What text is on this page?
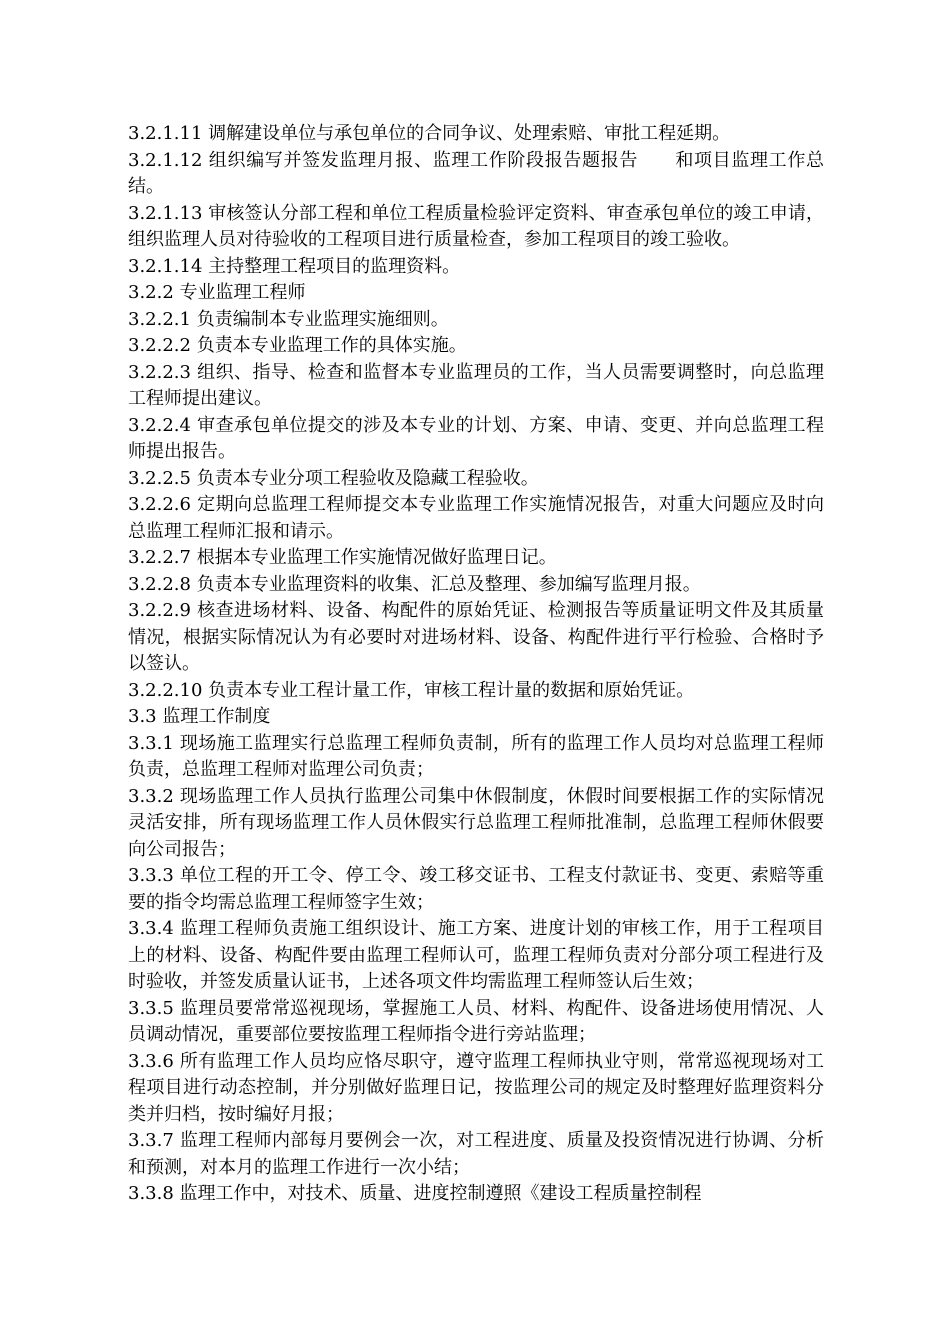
3.2.1.11 调解建设单位与承包单位的合同争议、处理索赔、审批工程延期。

3.2.1.12 组织编写并签发监理月报、监理工作阶段报告题报告　　和项目监理工作总结。

3.2.1.13 审核签认分部工程和单位工程质量检验评定资料、审查承包单位的竣工申请，组织监理人员对待验收的工程项目进行质量检查，参加工程项目的竣工验收。

3.2.1.14 主持整理工程项目的监理资料。

3.2.2 专业监理工程师

3.2.2.1 负责编制本专业监理实施细则。

3.2.2.2 负责本专业监理工作的具体实施。

3.2.2.3 组织、指导、检查和监督本专业监理员的工作，当人员需要调整时，向总监理工程师提出建议。

3.2.2.4 审查承包单位提交的涉及本专业的计划、方案、申请、变更、并向总监理工程师提出报告。

3.2.2.5 负责本专业分项工程验收及隐藏工程验收。

3.2.2.6 定期向总监理工程师提交本专业监理工作实施情况报告，对重大问题应及时向总监理工程师汇报和请示。

3.2.2.7 根据本专业监理工作实施情况做好监理日记。

3.2.2.8 负责本专业监理资料的收集、汇总及整理、参加编写监理月报。

3.2.2.9 核查进场材料、设备、构配件的原始凭证、检测报告等质量证明文件及其质量情况，根据实际情况认为有必要时对进场材料、设备、构配件进行平行检验、合格时予以签认。

3.2.2.10 负责本专业工程计量工作，审核工程计量的数据和原始凭证。

3.3 监理工作制度

3.3.1 现场施工监理实行总监理工程师负责制，所有的监理工作人员均对总监理工程师负责，总监理工程师对监理公司负责；

3.3.2 现场监理工作人员执行监理公司集中休假制度，休假时间要根据工作的实际情况灵活安排，所有现场监理工作人员休假实行总监理工程师批准制，总监理工程师休假要向公司报告；

3.3.3 单位工程的开工令、停工令、竣工移交证书、工程支付款证书、变更、索赔等重要的指令均需总监理工程师签字生效；

3.3.4 监理工程师负责施工组织设计、施工方案、进度计划的审核工作，用于工程项目上的材料、设备、构配件要由监理工程师认可，监理工程师负责对分部分项工程进行及时验收，并签发质量认证书，上述各项文件均需监理工程师签认后生效；

3.3.5 监理员要常常巡视现场，掌握施工人员、材料、构配件、设备进场使用情况、人员调动情况，重要部位要按监理工程师指令进行旁站监理；

3.3.6 所有监理工作人员均应恪尽职守，遵守监理工程师执业守则，常常巡视现场对工程项目进行动态控制，并分别做好监理日记，按监理公司的规定及时整理好监理资料分类并归档，按时编好月报；

3.3.7 监理工程师内部每月要例会一次，对工程进度、质量及投资情况进行协调、分析和预测，对本月的监理工作进行一次小结；

3.3.8 监理工作中，对技术、质量、进度控制遵照《建设工程质量控制程
